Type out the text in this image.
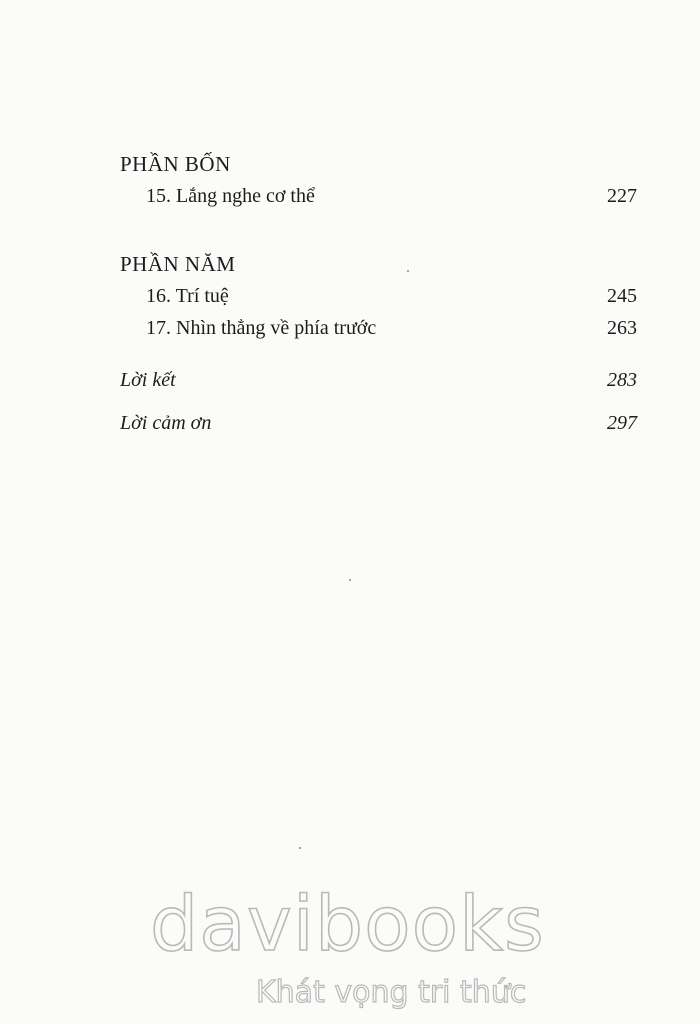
PHẦN BỐN
15. Lắng nghe cơ thể	227
PHẦN NĂM
16. Trí tuệ	245
17. Nhìn thẳng về phía trước	263
Lời kết	283
Lời cảm ơn	297
davibooks
Khát vọng tri thức
